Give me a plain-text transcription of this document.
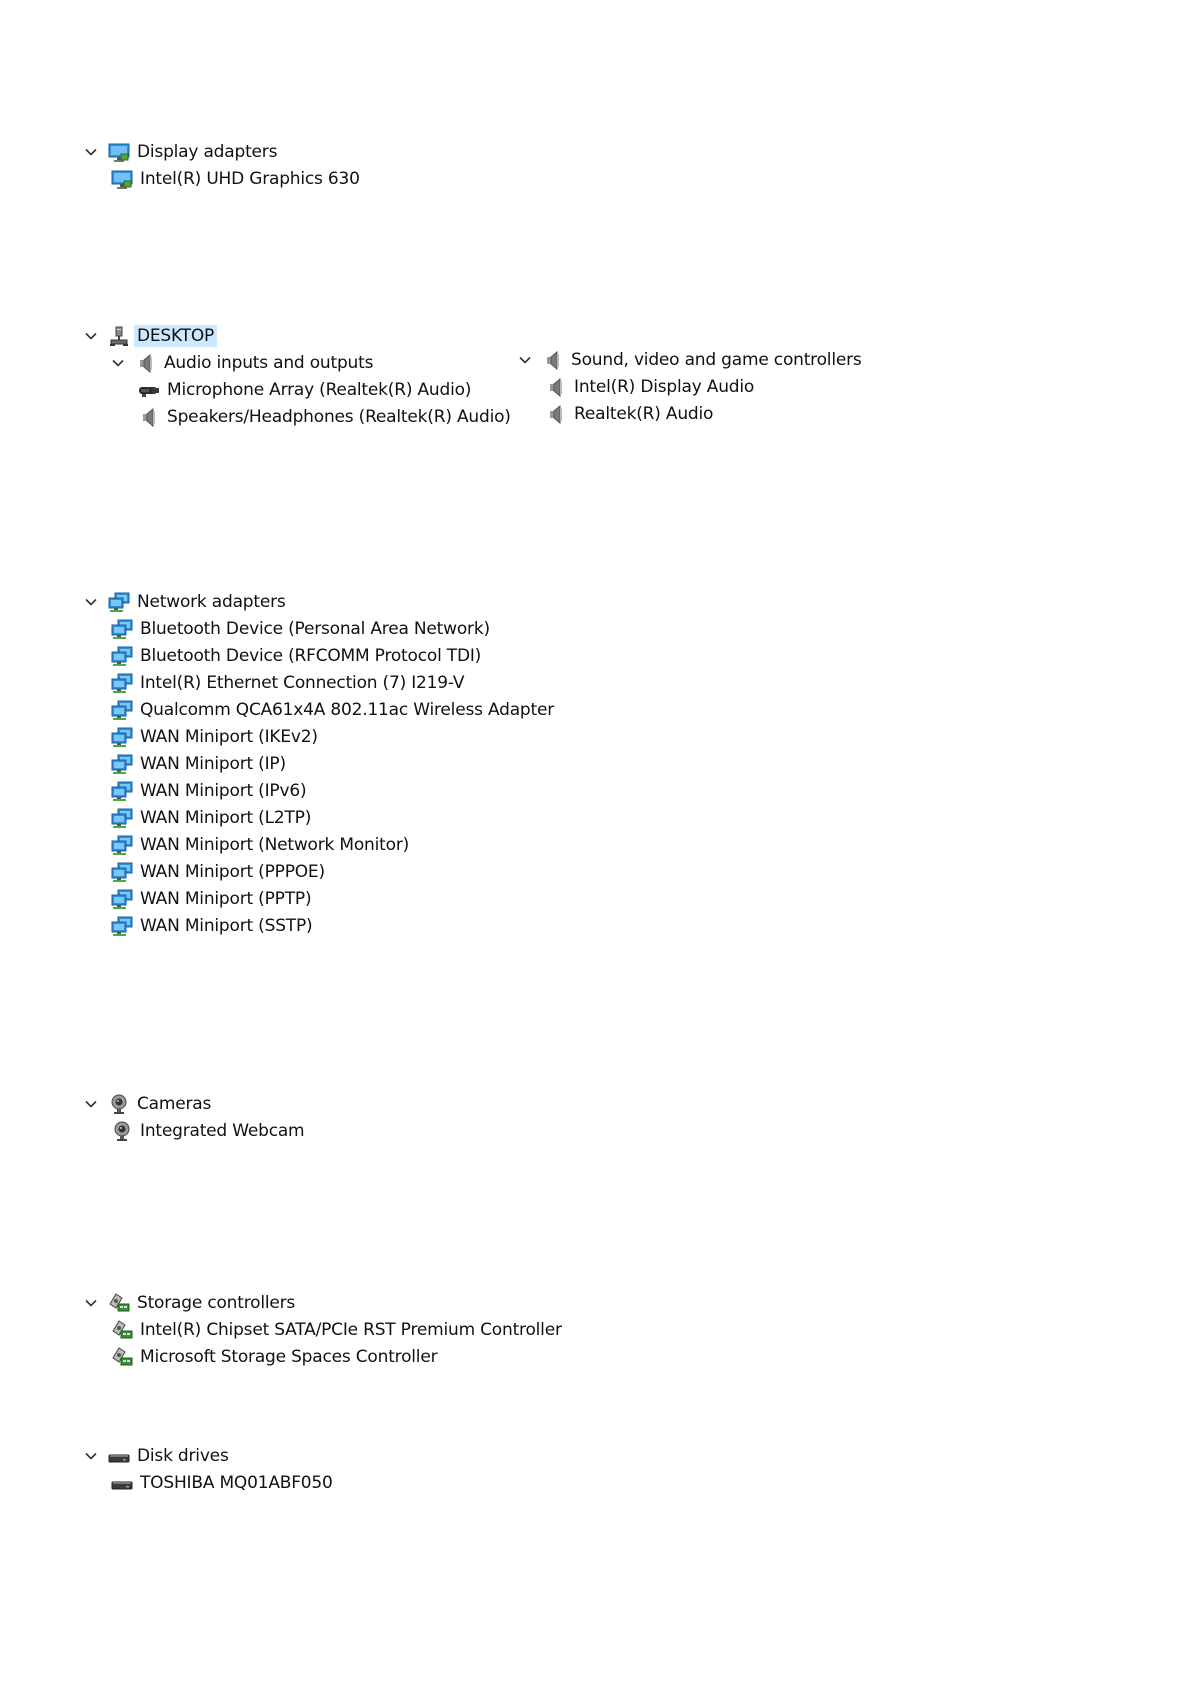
Display adapters
Intel(R) UHD Graphics 630
DESKTOP
Audio inputs and outputs
Microphone Array (Realtek(R) Audio)
Speakers/Headphones (Realtek(R) Audio)
Sound, video and game controllers
Intel(R) Display Audio
Realtek(R) Audio
Network adapters
Bluetooth Device (Personal Area Network)
Bluetooth Device (RFCOMM Protocol TDI)
Intel(R) Ethernet Connection (7) I219-V
Qualcomm QCA61x4A 802.11ac Wireless Adapter
WAN Miniport (IKEv2)
WAN Miniport (IP)
WAN Miniport (IPv6)
WAN Miniport (L2TP)
WAN Miniport (Network Monitor)
WAN Miniport (PPPOE)
WAN Miniport (PPTP)
WAN Miniport (SSTP)
Cameras
Integrated Webcam
Storage controllers
Intel(R) Chipset SATA/PCIe RST Premium Controller
Microsoft Storage Spaces Controller
Disk drives
TOSHIBA MQ01ABF050
